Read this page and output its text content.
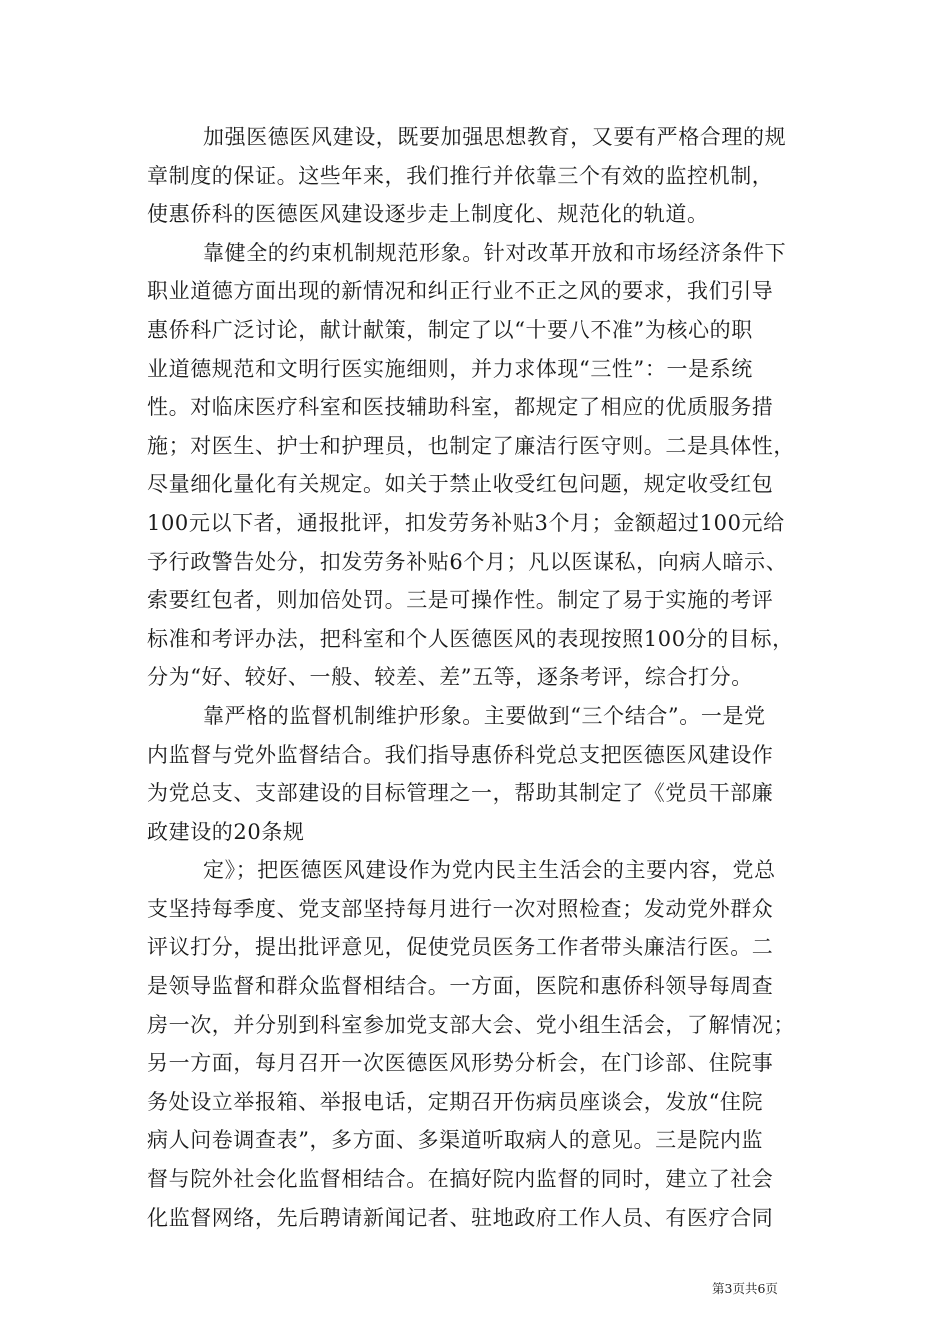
加强医德医风建设，既要加强思想教育，又要有严格合理的规
章制度的保证。这些年来，我们推行并依靠三个有效的监控机制，
使惠侨科的医德医风建设逐步走上制度化、规范化的轨道。
靠健全的约束机制规范形象。针对改革开放和市场经济条件下
职业道德方面出现的新情况和纠正行业不正之风的要求，我们引导
惠侨科广泛讨论，献计献策，制定了以“十要八不准”为核心的职
业道德规范和文明行医实施细则，并力求体现“三性”：一是系统
性。对临床医疗科室和医技辅助科室，都规定了相应的优质服务措
施；对医生、护士和护理员，也制定了廉洁行医守则。二是具体性，
尽量细化量化有关规定。如关于禁止收受红包问题，规定收受红包
100元以下者，通报批评，扣发劳务补贴3个月；金额超过100元给
予行政警告处分，扣发劳务补贴6个月；凡以医谋私，向病人暗示、
索要红包者，则加倍处罚。三是可操作性。制定了易于实施的考评
标准和考评办法，把科室和个人医德医风的表现按照100分的目标，
分为“好、较好、一般、较差、差”五等，逐条考评，综合打分。
靠严格的监督机制维护形象。主要做到“三个结合”。一是党
内监督与党外监督结合。我们指导惠侨科党总支把医德医风建设作
为党总支、支部建设的目标管理之一，帮助其制定了《党员干部廉
政建设的20条规
定》；把医德医风建设作为党内民主生活会的主要内容，党总
支坚持每季度、党支部坚持每月进行一次对照检查；发动党外群众
评议打分，提出批评意见，促使党员医务工作者带头廉洁行医。二
是领导监督和群众监督相结合。一方面，医院和惠侨科领导每周查
房一次，并分别到科室参加党支部大会、党小组生活会，了解情况；
另一方面，每月召开一次医德医风形势分析会，在门诊部、住院事
务处设立举报箱、举报电话，定期召开伤病员座谈会，发放“住院
病人问卷调查表”，多方面、多渠道听取病人的意见。三是院内监
督与院外社会化监督相结合。在搞好院内监督的同时，建立了社会
化监督网络，先后聘请新闻记者、驻地政府工作人员、有医疗合同
第3页共6页
